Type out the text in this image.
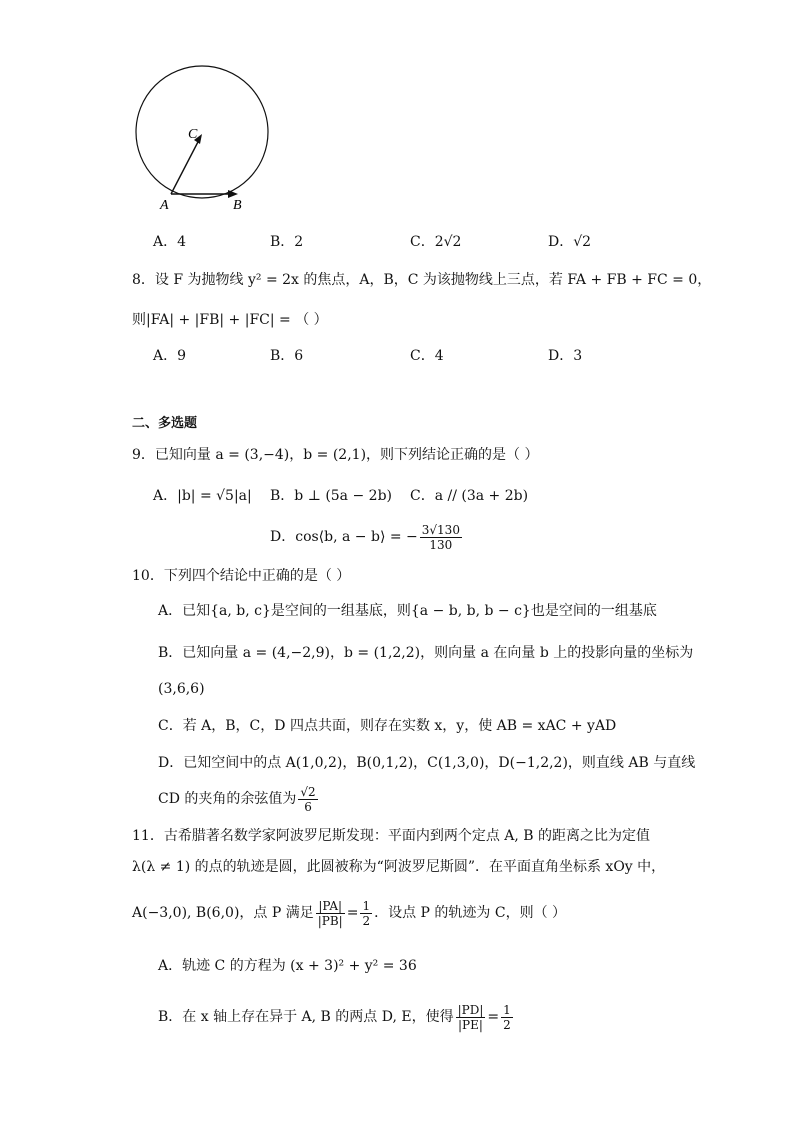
C
A	B
A．4	B．2	C．2√2	D．√2
8．设 F 为抛物线 y² = 2x 的焦点，A，B，C 为该抛物线上三点，若 FA + FB + FC = 0，
则|FA| + |FB| + |FC| = （ ）
A．9	B．6	C．4	D．3
二、多选题
9．已知向量 a = (3,−4)，b = (2,1)，则下列结论正确的是（ ）
A．|b| = √5|a| B．b ⊥ (5a − 2b) C．a // (3a + 2b)
D．cos⟨b, a − b⟩ = − $\frac{3√130}{130}$
10．下列四个结论中正确的是（ ）
A．已知{a, b, c}是空间的一组基底，则{a − b, b, b − c}也是空间的一组基底
B．已知向量 a = (4,−2,9)，b = (1,2,2)，则向量 a 在向量 b 上的投影向量的坐标为
(3,6,6)
C．若 A，B，C，D 四点共面，则存在实数 x，y，使 AB = xAC + yAD
D．已知空间中的点 A(1,0,2)，B(0,1,2)，C(1,3,0)，D(−1,2,2)，则直线 AB 与直线
CD 的夹角的余弦值为 $\frac{√2}{6}$
11．古希腊著名数学家阿波罗尼斯发现：平面内到两个定点 A, B 的距离之比为定值
λ(λ ≠ 1) 的点的轨迹是圆，此圆被称为“阿波罗尼斯圆”．在平面直角坐标系 xOy 中，
A(−3,0), B(6,0)，点 P 满足 $\frac{|PA|}{|PB|} = \frac{1}{2}$ ．设点 P 的轨迹为 C，则（ ）
A．轨迹 C 的方程为 (x + 3)² + y² = 36
B．在 x 轴上存在异于 A, B 的两点 D, E，使得 $\frac{|PD|}{|PE|} = \frac{1}{2}$
